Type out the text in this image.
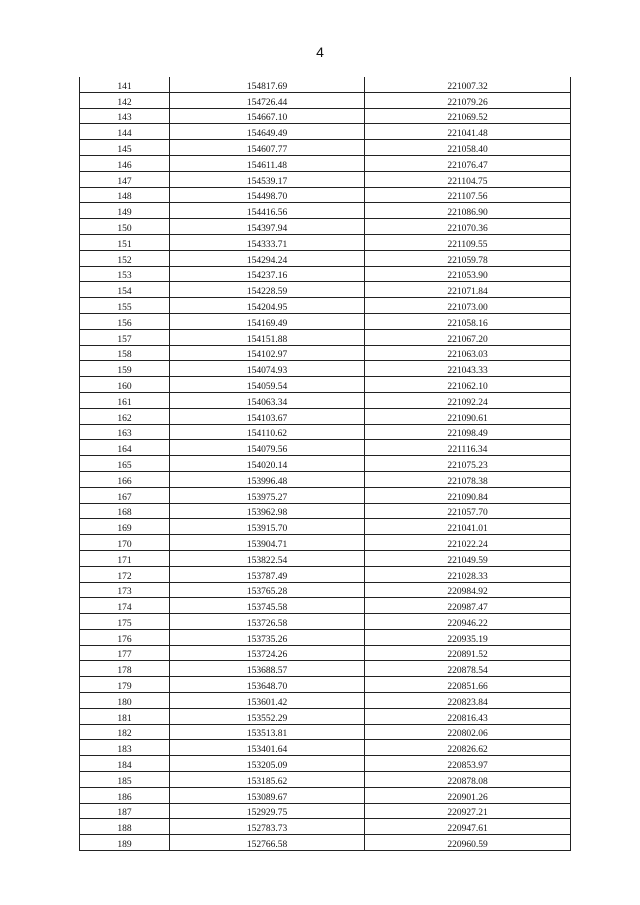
4
141	154817.69	221007.32
142	154726.44	221079.26
143	154667.10	221069.52
144	154649.49	221041.48
145	154607.77	221058.40
146	154611.48	221076.47
147	154539.17	221104.75
148	154498.70	221107.56
149	154416.56	221086.90
150	154397.94	221070.36
151	154333.71	221109.55
152	154294.24	221059.78
153	154237.16	221053.90
154	154228.59	221071.84
155	154204.95	221073.00
156	154169.49	221058.16
157	154151.88	221067.20
158	154102.97	221063.03
159	154074.93	221043.33
160	154059.54	221062.10
161	154063.34	221092.24
162	154103.67	221090.61
163	154110.62	221098.49
164	154079.56	221116.34
165	154020.14	221075.23
166	153996.48	221078.38
167	153975.27	221090.84
168	153962.98	221057.70
169	153915.70	221041.01
170	153904.71	221022.24
171	153822.54	221049.59
172	153787.49	221028.33
173	153765.28	220984.92
174	153745.58	220987.47
175	153726.58	220946.22
176	153735.26	220935.19
177	153724.26	220891.52
178	153688.57	220878.54
179	153648.70	220851.66
180	153601.42	220823.84
181	153552.29	220816.43
182	153513.81	220802.06
183	153401.64	220826.62
184	153205.09	220853.97
185	153185.62	220878.08
186	153089.67	220901.26
187	152929.75	220927.21
188	152783.73	220947.61
189	152766.58	220960.59
